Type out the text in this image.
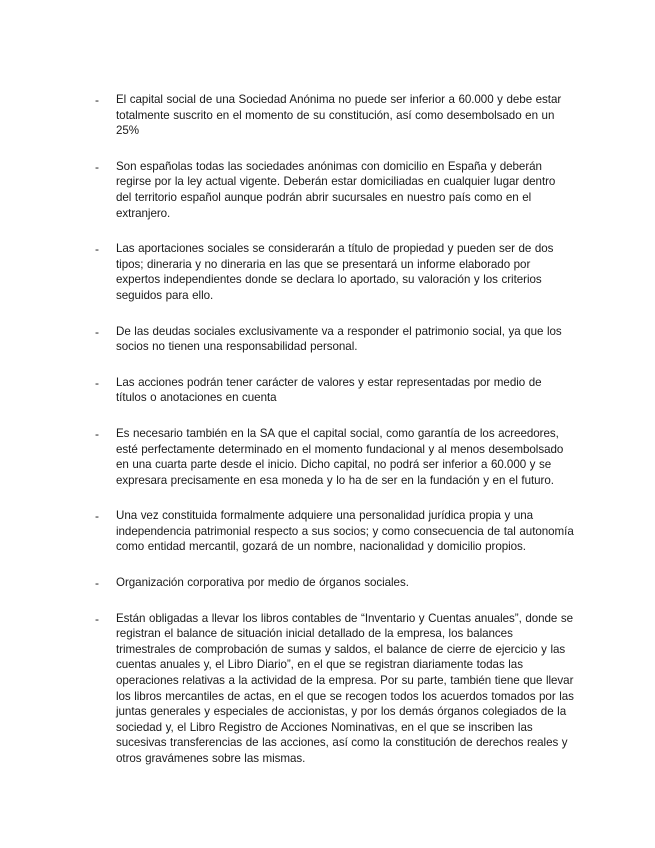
- El capital social de una Sociedad Anónima no puede ser inferior a 60.000 y debe estar totalmente suscrito en el momento de su constitución, así como desembolsado en un 25%
- Son españolas todas las sociedades anónimas con domicilio en España y deberán regirse por la ley actual vigente. Deberán estar domiciliadas en cualquier lugar dentro del territorio español aunque podrán abrir sucursales en nuestro país como en el extranjero.
- Las aportaciones sociales se considerarán a título de propiedad y pueden ser de dos tipos; dineraria y no dineraria en las que se presentará un informe elaborado por expertos independientes donde se declara lo aportado, su valoración y los criterios seguidos para ello.
- De las deudas sociales exclusivamente va a responder el patrimonio social, ya que los socios no tienen una responsabilidad personal.
- Las acciones podrán tener carácter de valores y estar representadas por medio de títulos o anotaciones en cuenta
- Es necesario también en la SA que el capital social, como garantía de los acreedores, esté perfectamente determinado en el momento fundacional y al menos desembolsado en una cuarta parte desde el inicio. Dicho capital, no podrá ser inferior a 60.000 y se expresara precisamente en esa moneda y lo ha de ser en la fundación y en el futuro.
- Una vez constituida formalmente adquiere una personalidad jurídica propia y una independencia patrimonial respecto a sus socios; y como consecuencia de tal autonomía como entidad mercantil, gozará de un nombre, nacionalidad y domicilio propios.
- Organización corporativa por medio de órganos sociales.
- Están obligadas a llevar los libros contables de “Inventario y Cuentas anuales”, donde se registran el balance de situación inicial detallado de la empresa, los balances trimestrales de comprobación de sumas y saldos, el balance de cierre de ejercicio y las cuentas anuales y, el Libro Diario”, en el que se registran diariamente todas las operaciones relativas a la actividad de la empresa. Por su parte, también tiene que llevar los libros mercantiles de actas, en el que se recogen todos los acuerdos tomados por las juntas generales y especiales de accionistas, y por los demás órganos colegiados de la sociedad y, el Libro Registro de Acciones Nominativas, en el que se inscriben las sucesivas transferencias de las acciones, así como la constitución de derechos reales y otros gravámenes sobre las mismas.
